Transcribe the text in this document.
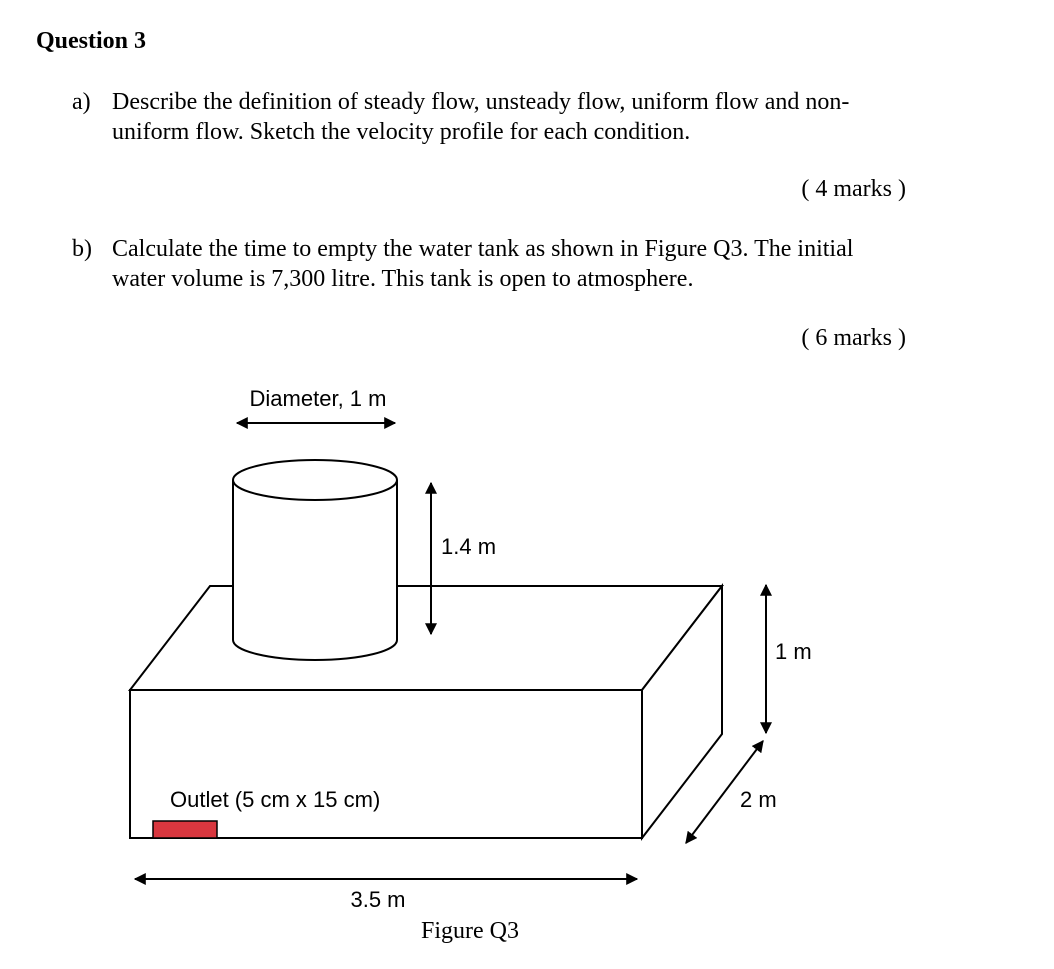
Question 3
a) Describe the definition of steady flow, unsteady flow, uniform flow and non-
uniform flow. Sketch the velocity profile for each condition.
( 4 marks )
b) Calculate the time to empty the water tank as shown in Figure Q3. The initial
water volume is 7,300 litre. This tank is open to atmosphere.
( 6 marks )
Diameter, 1 m
1.4 m
1 m
2 m
Outlet (5 cm x 15 cm)
3.5 m
Figure Q3
